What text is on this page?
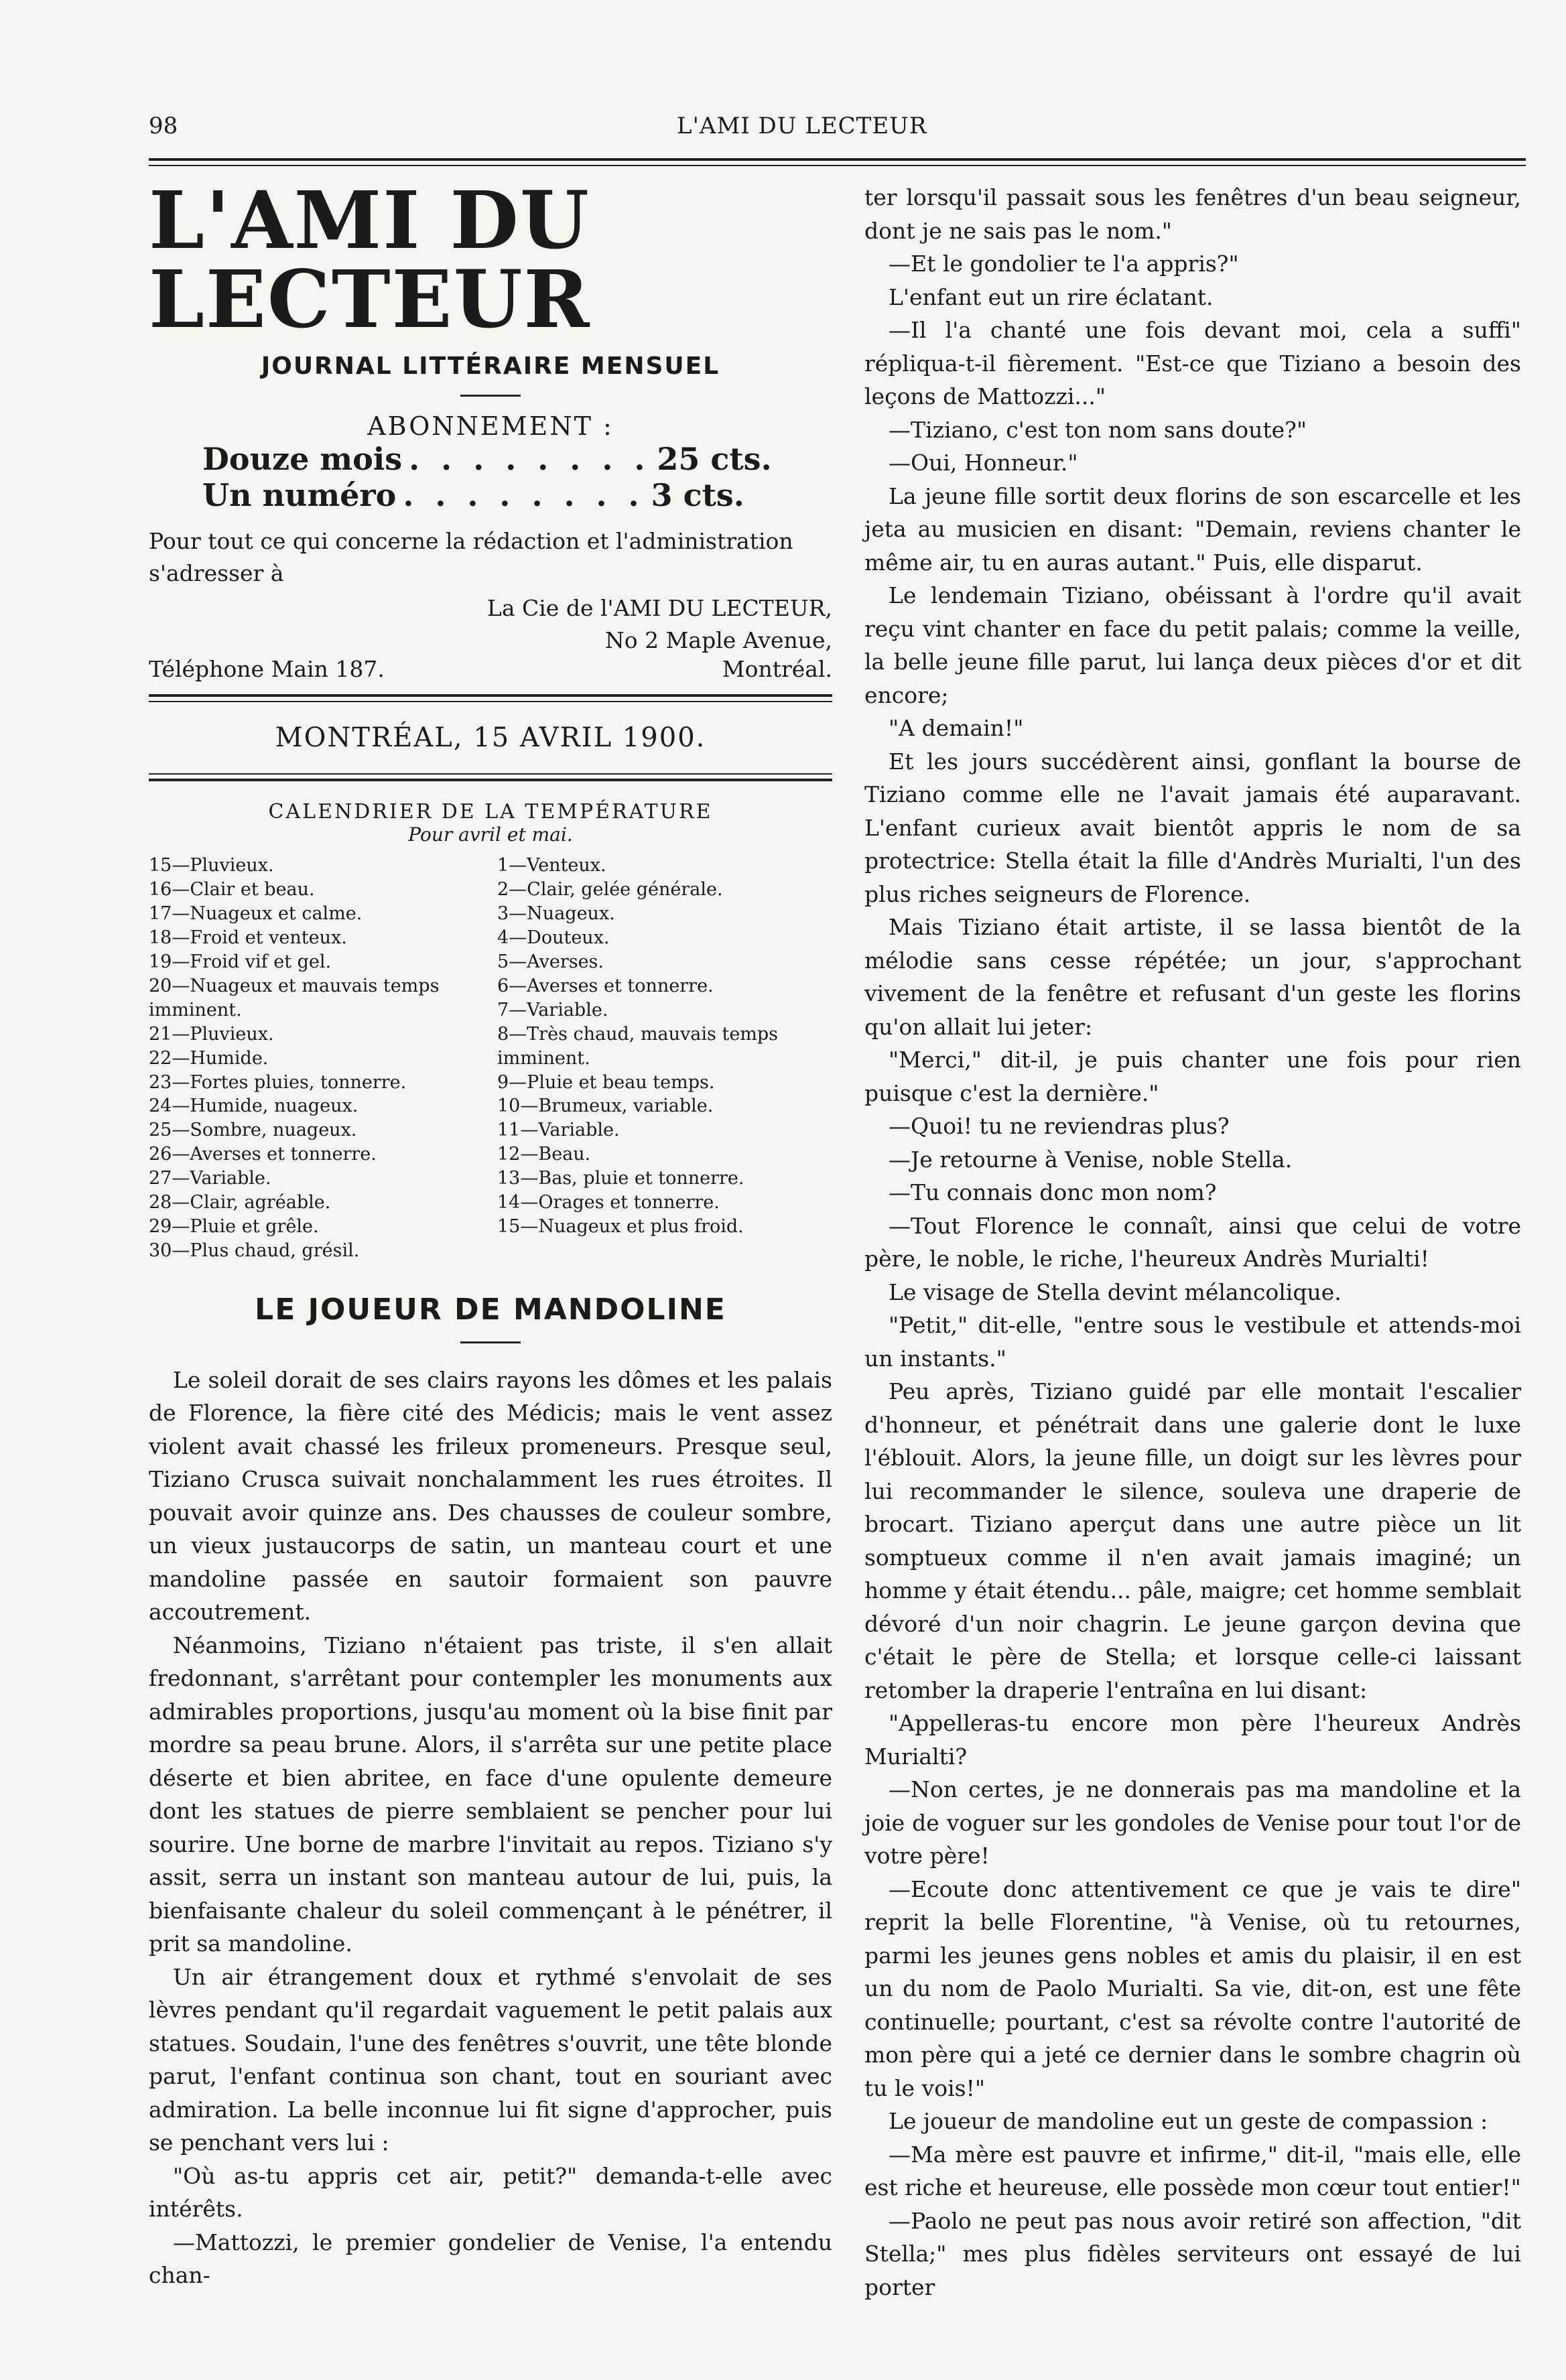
98	L'AMI DU LECTEUR
L'AMI DU LECTEUR
JOURNAL LITTÉRAIRE MENSUEL
ABONNEMENT :
Douze mois . . . . . . . . 25 cts.
Un numéro . . . . . . . . 3 cts.
Pour tout ce qui concerne la rédaction et l'administration s'adresser à
La Cie de l'AMI DU LECTEUR,
No 2 Maple Avenue,
Téléphone Main 187.	Montréal.
MONTRÉAL, 15 AVRIL 1900.
CALENDRIER DE LA TEMPÉRATURE
Pour avril et mai.
15—Pluvieux.
16—Clair et beau.
17—Nuageux et calme.
18—Froid et venteux.
19—Froid vif et gel.
20—Nuageux et mauvais temps imminent.
21—Pluvieux.
22—Humide.
23—Fortes pluies, tonnerre.
24—Humide, nuageux.
25—Sombre, nuageux.
26—Averses et tonnerre.
27—Variable.
28—Clair, agréable.
29—Pluie et grêle.
30—Plus chaud, grésil.
1—Venteux.
2—Clair, gelée générale.
3—Nuageux.
4—Douteux.
5—Averses.
6—Averses et tonnerre.
7—Variable.
8—Très chaud, mauvais temps imminent.
9—Pluie et beau temps.
10—Brumeux, variable.
11—Variable.
12—Beau.
13—Bas, pluie et tonnerre.
14—Orages et tonnerre.
15—Nuageux et plus froid.
LE JOUEUR DE MANDOLINE

Le soleil dorait de ses clairs rayons les dômes et les palais de Florence, la fière cité des Médicis; mais le vent assez violent avait chassé les frileux promeneurs. Presque seul, Tiziano Crusca suivait nonchalamment les rues étroites. Il pouvait avoir quinze ans. Des chausses de couleur sombre, un vieux justaucorps de satin, un manteau court et une mandoline passée en sautoir formaient son pauvre accoutrement.

Néanmoins, Tiziano n'étaient pas triste, il s'en allait fredonnant, s'arrêtant pour contempler les monuments aux admirables proportions, jusqu'au moment où la bise finit par mordre sa peau brune. Alors, il s'arrêta sur une petite place déserte et bien abritee, en face d'une opulente demeure dont les statues de pierre semblaient se pencher pour lui sourire. Une borne de marbre l'invitait au repos. Tiziano s'y assit, serra un instant son manteau autour de lui, puis, la bienfaisante chaleur du soleil commençant à le pénétrer, il prit sa mandoline.

Un air étrangement doux et rythmé s'envolait de ses lèvres pendant qu'il regardait vaguement le petit palais aux statues. Soudain, l'une des fenêtres s'ouvrit, une tête blonde parut, l'enfant continua son chant, tout en souriant avec admiration. La belle inconnue lui fit signe d'approcher, puis se penchant vers lui :

"Où as-tu appris cet air, petit?" demanda-t-elle avec intérêts.

—Mattozzi, le premier gondelier de Venise, l'a entendu chan-

ter lorsqu'il passait sous les fenêtres d'un beau seigneur, dont je ne sais pas le nom."

—Et le gondolier te l'a appris?"

L'enfant eut un rire éclatant.

—Il l'a chanté une fois devant moi, cela a suffi" répliqua-t-il fièrement. "Est-ce que Tiziano a besoin des leçons de Mattozzi..."

—Tiziano, c'est ton nom sans doute?"

—Oui, Honneur."

La jeune fille sortit deux florins de son escarcelle et les jeta au musicien en disant: "Demain, reviens chanter le même air, tu en auras autant." Puis, elle disparut.

Le lendemain Tiziano, obéissant à l'ordre qu'il avait reçu vint chanter en face du petit palais; comme la veille, la belle jeune fille parut, lui lança deux pièces d'or et dit encore;

"A demain!"

Et les jours succédèrent ainsi, gonflant la bourse de Tiziano comme elle ne l'avait jamais été auparavant. L'enfant curieux avait bientôt appris le nom de sa protectrice: Stella était la fille d'Andrès Murialti, l'un des plus riches seigneurs de Florence.

Mais Tiziano était artiste, il se lassa bientôt de la mélodie sans cesse répétée; un jour, s'approchant vivement de la fenêtre et refusant d'un geste les florins qu'on allait lui jeter:

"Merci," dit-il, je puis chanter une fois pour rien puisque c'est la dernière."

—Quoi! tu ne reviendras plus?

—Je retourne à Venise, noble Stella.

—Tu connais donc mon nom?

—Tout Florence le connaît, ainsi que celui de votre père, le noble, le riche, l'heureux Andrès Murialti!

Le visage de Stella devint mélancolique.

"Petit," dit-elle, "entre sous le vestibule et attends-moi un instants."

Peu après, Tiziano guidé par elle montait l'escalier d'honneur, et pénétrait dans une galerie dont le luxe l'éblouit. Alors, la jeune fille, un doigt sur les lèvres pour lui recommander le silence, souleva une draperie de brocart. Tiziano aperçut dans une autre pièce un lit somptueux comme il n'en avait jamais imaginé; un homme y était étendu... pâle, maigre; cet homme semblait dévoré d'un noir chagrin. Le jeune garçon devina que c'était le père de Stella; et lorsque celle-ci laissant retomber la draperie l'entraîna en lui disant:

"Appelleras-tu encore mon père l'heureux Andrès Murialti?

—Non certes, je ne donnerais pas ma mandoline et la joie de voguer sur les gondoles de Venise pour tout l'or de votre père!

—Ecoute donc attentivement ce que je vais te dire" reprit la belle Florentine, "à Venise, où tu retournes, parmi les jeunes gens nobles et amis du plaisir, il en est un du nom de Paolo Murialti. Sa vie, dit-on, est une fête continuelle; pourtant, c'est sa révolte contre l'autorité de mon père qui a jeté ce dernier dans le sombre chagrin où tu le vois!"

Le joueur de mandoline eut un geste de compassion :

—Ma mère est pauvre et infirme," dit-il, "mais elle, elle est riche et heureuse, elle possède mon cœur tout entier!"

—Paolo ne peut pas nous avoir retiré son affection, "dit Stella;" mes plus fidèles serviteurs ont essayé de lui porter
